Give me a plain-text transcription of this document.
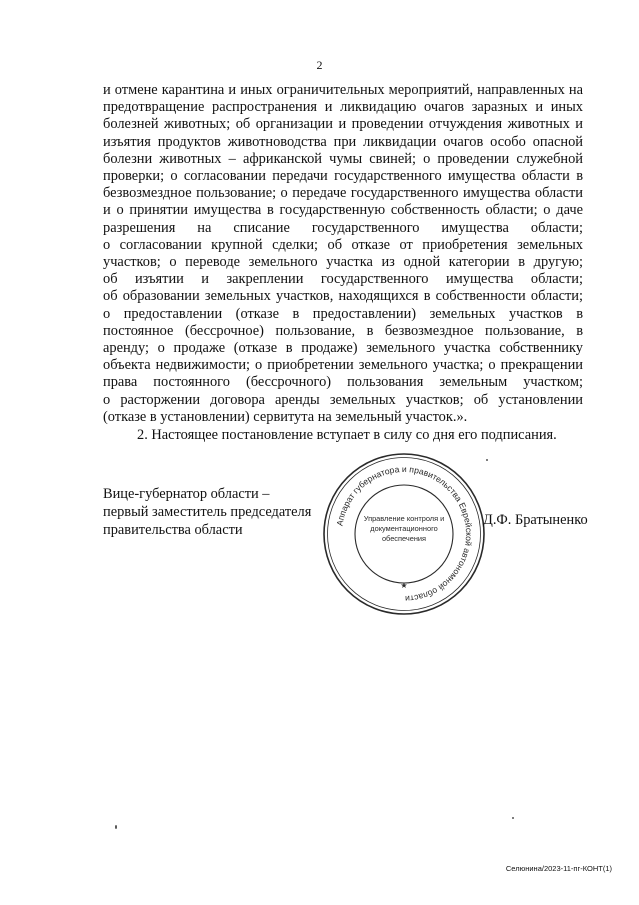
2
и отмене карантина и иных ограничительных мероприятий, направленных на
предотвращение распространения и ликвидацию очагов заразных и иных
болезней животных; об организации и проведении отчуждения животных и
изъятия продуктов животноводства при ликвидации очагов особо опасной
болезни животных – африканской чумы свиней; о проведении служебной
проверки; о согласовании передачи государственного имущества области в
безвозмездное пользование; о передаче государственного имущества области
и о принятии имущества в государственную собственность области; о даче
разрешения на списание государственного имущества области;
о согласовании крупной сделки; об отказе от приобретения земельных
участков; о переводе земельного участка из одной категории в другую;
об изъятии и закреплении государственного имущества области;
об образовании земельных участков, находящихся в собственности области;
о предоставлении (отказе в предоставлении) земельных участков в
постоянное (бессрочное) пользование, в безвозмездное пользование, в
аренду; о продаже (отказе в продаже) земельного участка собственнику
объекта недвижимости; о приобретении земельного участка; о прекращении
права постоянного (бессрочного) пользования земельным участком;
о расторжении договора аренды земельных участков; об установлении
(отказе в установлении) сервитута на земельный участок.».
2. Настоящее постановление вступает в силу со дня его подписания.
Вице-губернатор области –
первый заместитель председателя
правительства области	Аппарат губернатора и правительства Еврейской автономной области
Управление контроля и
документационного
обеспечения
★
Д.Ф. Братыненко
Селюнина/2023-11-пг-КОНТ(1)
